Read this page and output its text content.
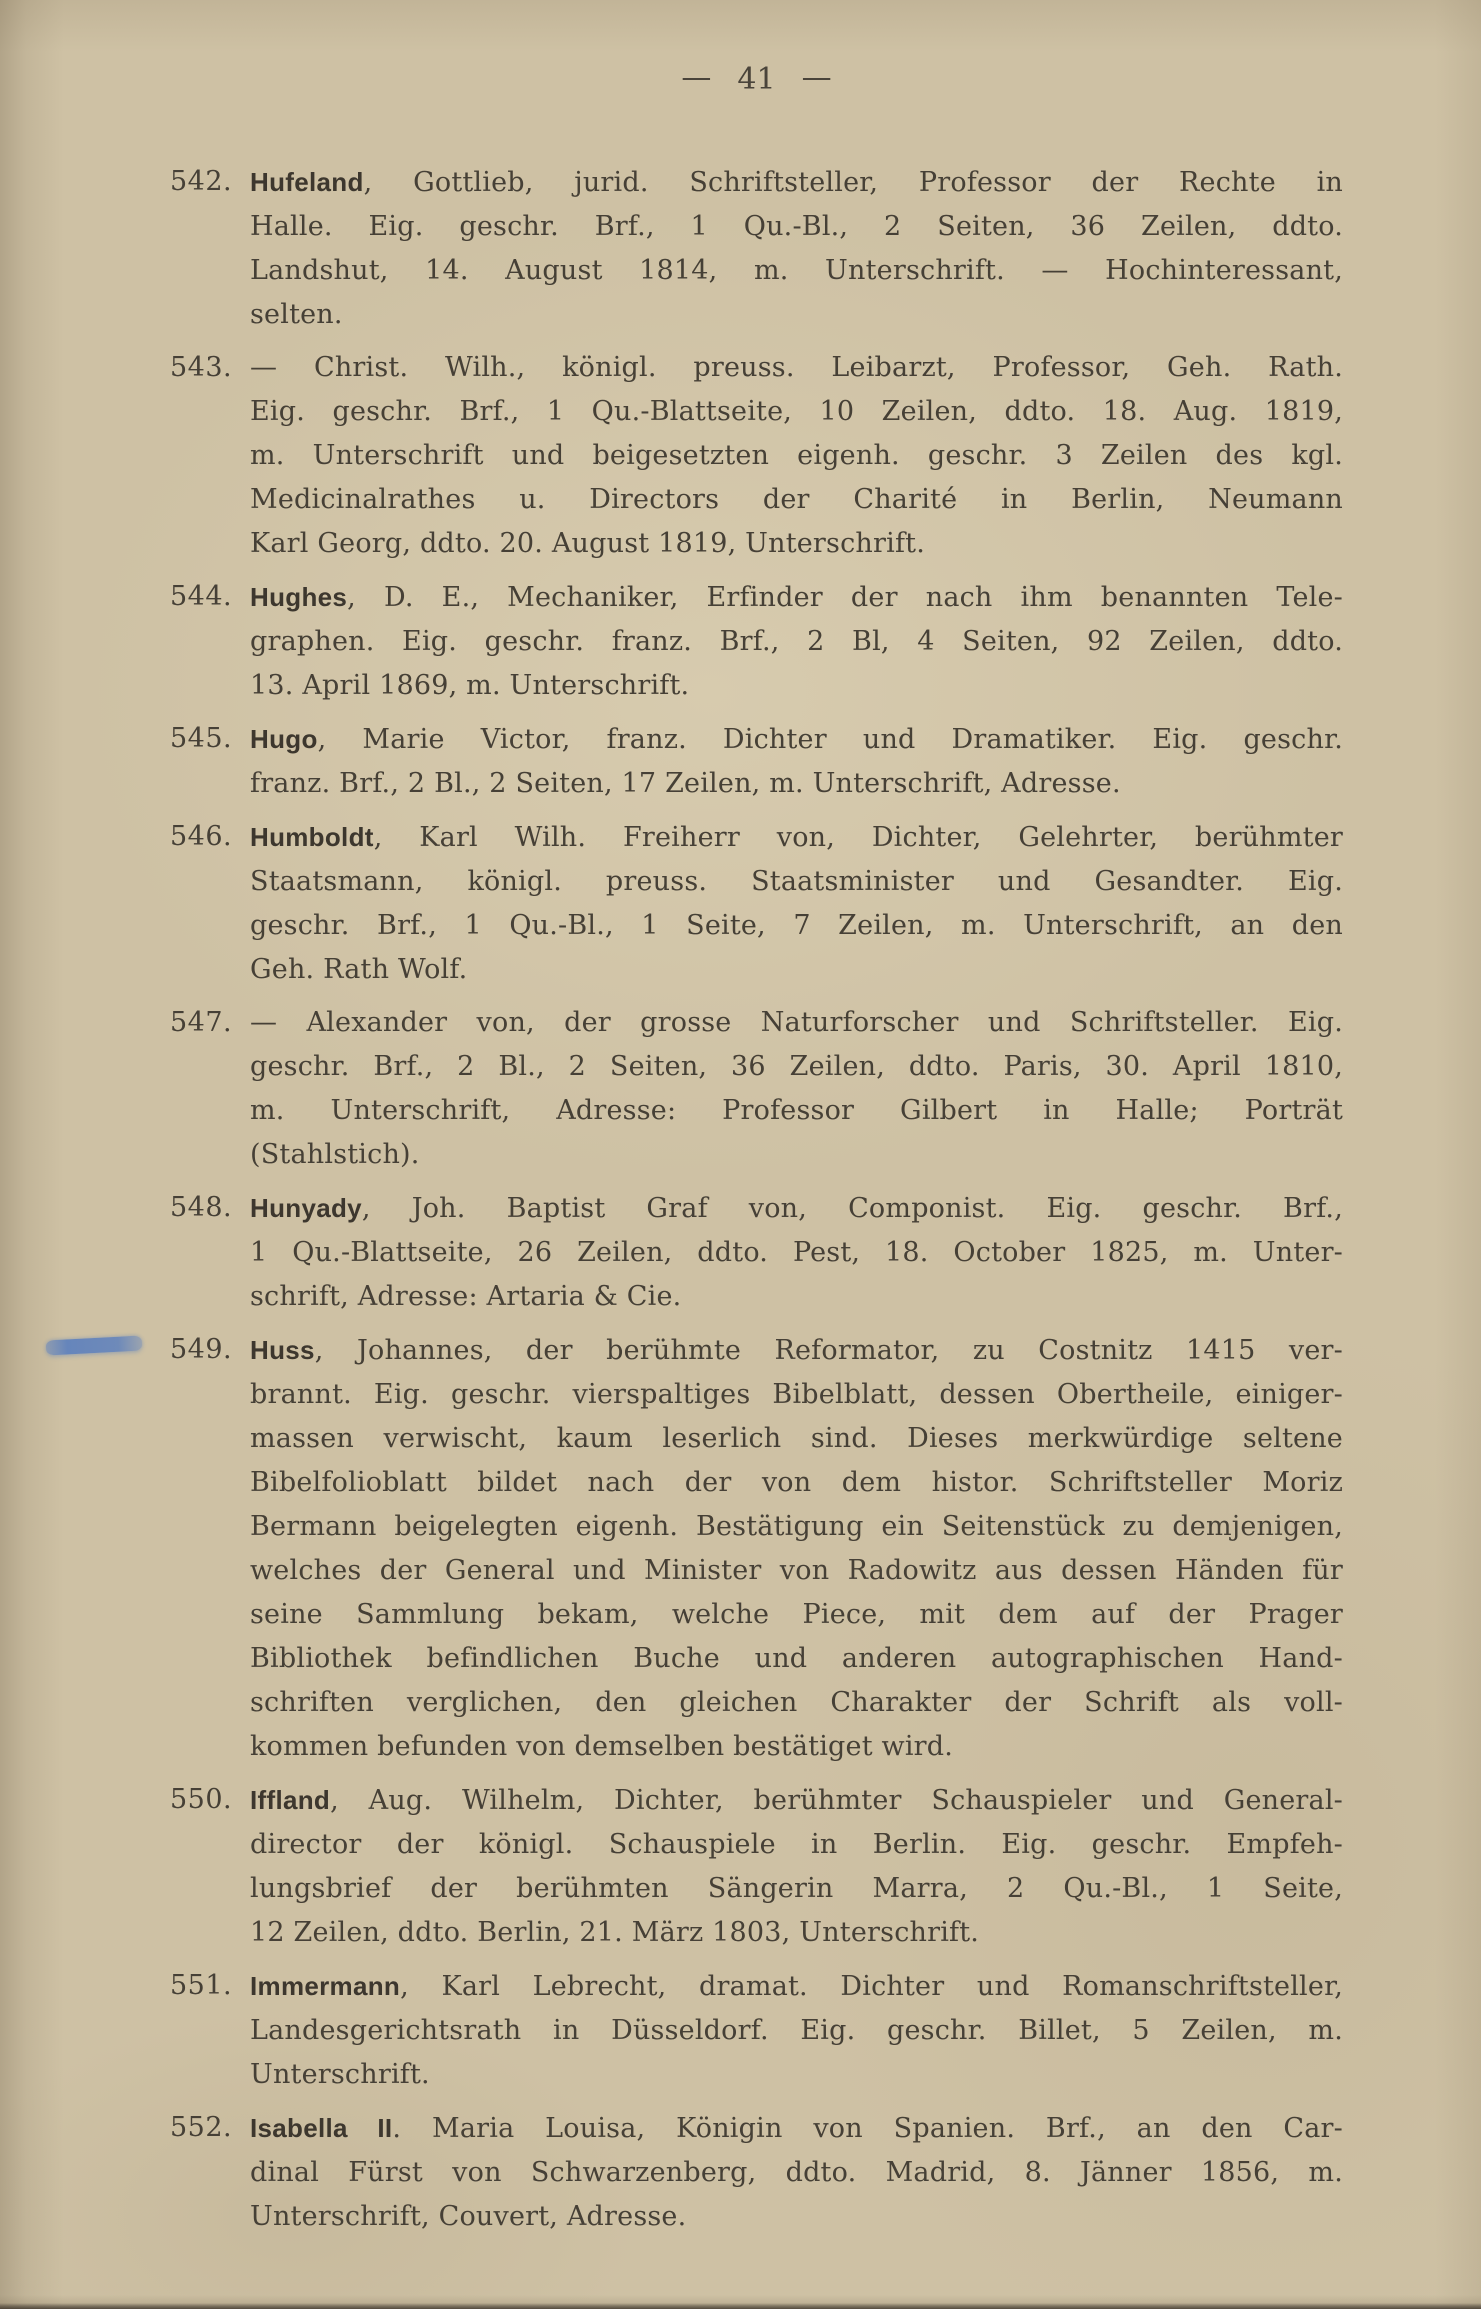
— 41 —
542. Hufeland, Gottlieb, jurid. Schriftsteller, Professor der Rechte in
Halle. Eig. geschr. Brf., 1 Qu.-Bl., 2 Seiten, 36 Zeilen, ddto.
Landshut, 14. August 1814, m. Unterschrift. — Hochinteressant,
selten.
543. — Christ. Wilh., königl. preuss. Leibarzt, Professor, Geh. Rath.
Eig. geschr. Brf., 1 Qu.-Blattseite, 10 Zeilen, ddto. 18. Aug. 1819,
m. Unterschrift und beigesetzten eigenh. geschr. 3 Zeilen des kgl.
Medicinalrathes u. Directors der Charité in Berlin, Neumann
Karl Georg, ddto. 20. August 1819, Unterschrift.
544. Hughes, D. E., Mechaniker, Erfinder der nach ihm benannten Tele-
graphen. Eig. geschr. franz. Brf., 2 Bl, 4 Seiten, 92 Zeilen, ddto.
13. April 1869, m. Unterschrift.
545. Hugo, Marie Victor, franz. Dichter und Dramatiker. Eig. geschr.
franz. Brf., 2 Bl., 2 Seiten, 17 Zeilen, m. Unterschrift, Adresse.
546. Humboldt, Karl Wilh. Freiherr von, Dichter, Gelehrter, berühmter
Staatsmann, königl. preuss. Staatsminister und Gesandter. Eig.
geschr. Brf., 1 Qu.-Bl., 1 Seite, 7 Zeilen, m. Unterschrift, an den
Geh. Rath Wolf.
547. — Alexander von, der grosse Naturforscher und Schriftsteller. Eig.
geschr. Brf., 2 Bl., 2 Seiten, 36 Zeilen, ddto. Paris, 30. April 1810,
m. Unterschrift, Adresse: Professor Gilbert in Halle; Porträt
(Stahlstich).
548. Hunyady, Joh. Baptist Graf von, Componist. Eig. geschr. Brf.,
1 Qu.-Blattseite, 26 Zeilen, ddto. Pest, 18. October 1825, m. Unter-
schrift, Adresse: Artaria & Cie.
549. Huss, Johannes, der berühmte Reformator, zu Costnitz 1415 ver-
brannt. Eig. geschr. vierspaltiges Bibelblatt, dessen Obertheile, einiger-
massen verwischt, kaum leserlich sind. Dieses merkwürdige seltene
Bibelfolioblatt bildet nach der von dem histor. Schriftsteller Moriz
Bermann beigelegten eigenh. Bestätigung ein Seitenstück zu demjenigen,
welches der General und Minister von Radowitz aus dessen Händen für
seine Sammlung bekam, welche Piece, mit dem auf der Prager
Bibliothek befindlichen Buche und anderen autographischen Hand-
schriften verglichen, den gleichen Charakter der Schrift als voll-
kommen befunden von demselben bestätiget wird.
550. Iffland, Aug. Wilhelm, Dichter, berühmter Schauspieler und General-
director der königl. Schauspiele in Berlin. Eig. geschr. Empfeh-
lungsbrief der berühmten Sängerin Marra, 2 Qu.-Bl., 1 Seite,
12 Zeilen, ddto. Berlin, 21. März 1803, Unterschrift.
551. Immermann, Karl Lebrecht, dramat. Dichter und Romanschriftsteller,
Landesgerichtsrath in Düsseldorf. Eig. geschr. Billet, 5 Zeilen, m.
Unterschrift.
552. Isabella II. Maria Louisa, Königin von Spanien. Brf., an den Car-
dinal Fürst von Schwarzenberg, ddto. Madrid, 8. Jänner 1856, m.
Unterschrift, Couvert, Adresse.
